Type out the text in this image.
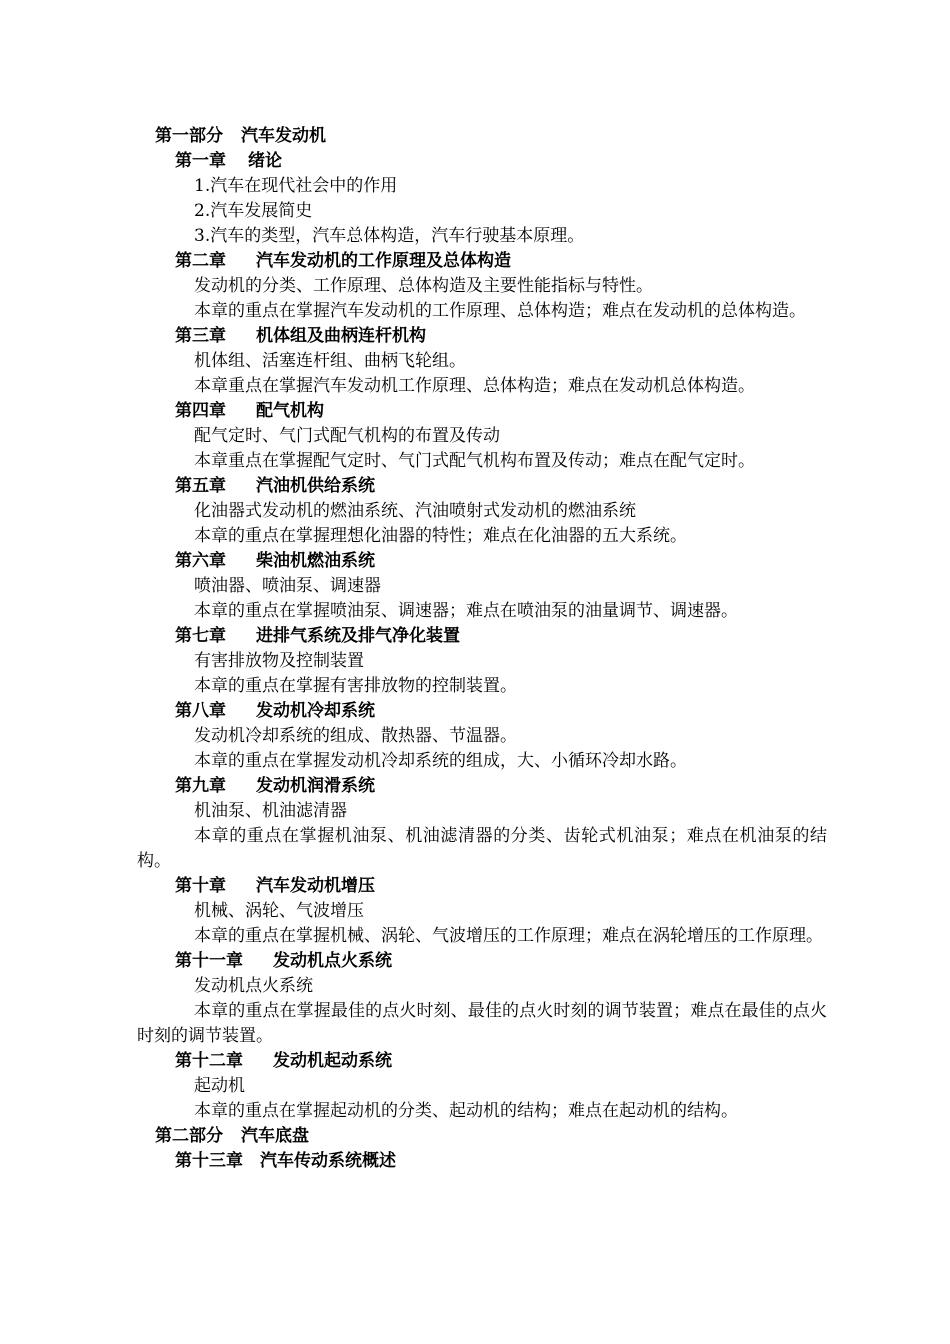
第一部分 汽车发动机
第一章 绪论
1.汽车在现代社会中的作用
2.汽车发展简史
3.汽车的类型，汽车总体构造，汽车行驶基本原理。
第二章 汽车发动机的工作原理及总体构造
发动机的分类、工作原理、总体构造及主要性能指标与特性。
本章的重点在掌握汽车发动机的工作原理、总体构造；难点在发动机的总体构造。
第三章 机体组及曲柄连杆机构
机体组、活塞连杆组、曲柄飞轮组。
本章重点在掌握汽车发动机工作原理、总体构造；难点在发动机总体构造。
第四章 配气机构
配气定时、气门式配气机构的布置及传动
本章重点在掌握配气定时、气门式配气机构布置及传动；难点在配气定时。
第五章 汽油机供给系统
化油器式发动机的燃油系统、汽油喷射式发动机的燃油系统
本章的重点在掌握理想化油器的特性；难点在化油器的五大系统。
第六章 柴油机燃油系统
喷油器、喷油泵、调速器
本章的重点在掌握喷油泵、调速器；难点在喷油泵的油量调节、调速器。
第七章 进排气系统及排气净化装置
有害排放物及控制装置
本章的重点在掌握有害排放物的控制装置。
第八章 发动机冷却系统
发动机冷却系统的组成、散热器、节温器。
本章的重点在掌握发动机冷却系统的组成，大、小循环冷却水路。
第九章 发动机润滑系统
机油泵、机油滤清器
本章的重点在掌握机油泵、机油滤清器的分类、齿轮式机油泵；难点在机油泵的结构。
第十章 汽车发动机增压
机械、涡轮、气波增压
本章的重点在掌握机械、涡轮、气波增压的工作原理；难点在涡轮增压的工作原理。
第十一章 发动机点火系统
发动机点火系统
本章的重点在掌握最佳的点火时刻、最佳的点火时刻的调节装置；难点在最佳的点火时刻的调节装置。
第十二章 发动机起动系统
起动机
本章的重点在掌握起动机的分类、起动机的结构；难点在起动机的结构。
第二部分 汽车底盘
第十三章 汽车传动系统概述
